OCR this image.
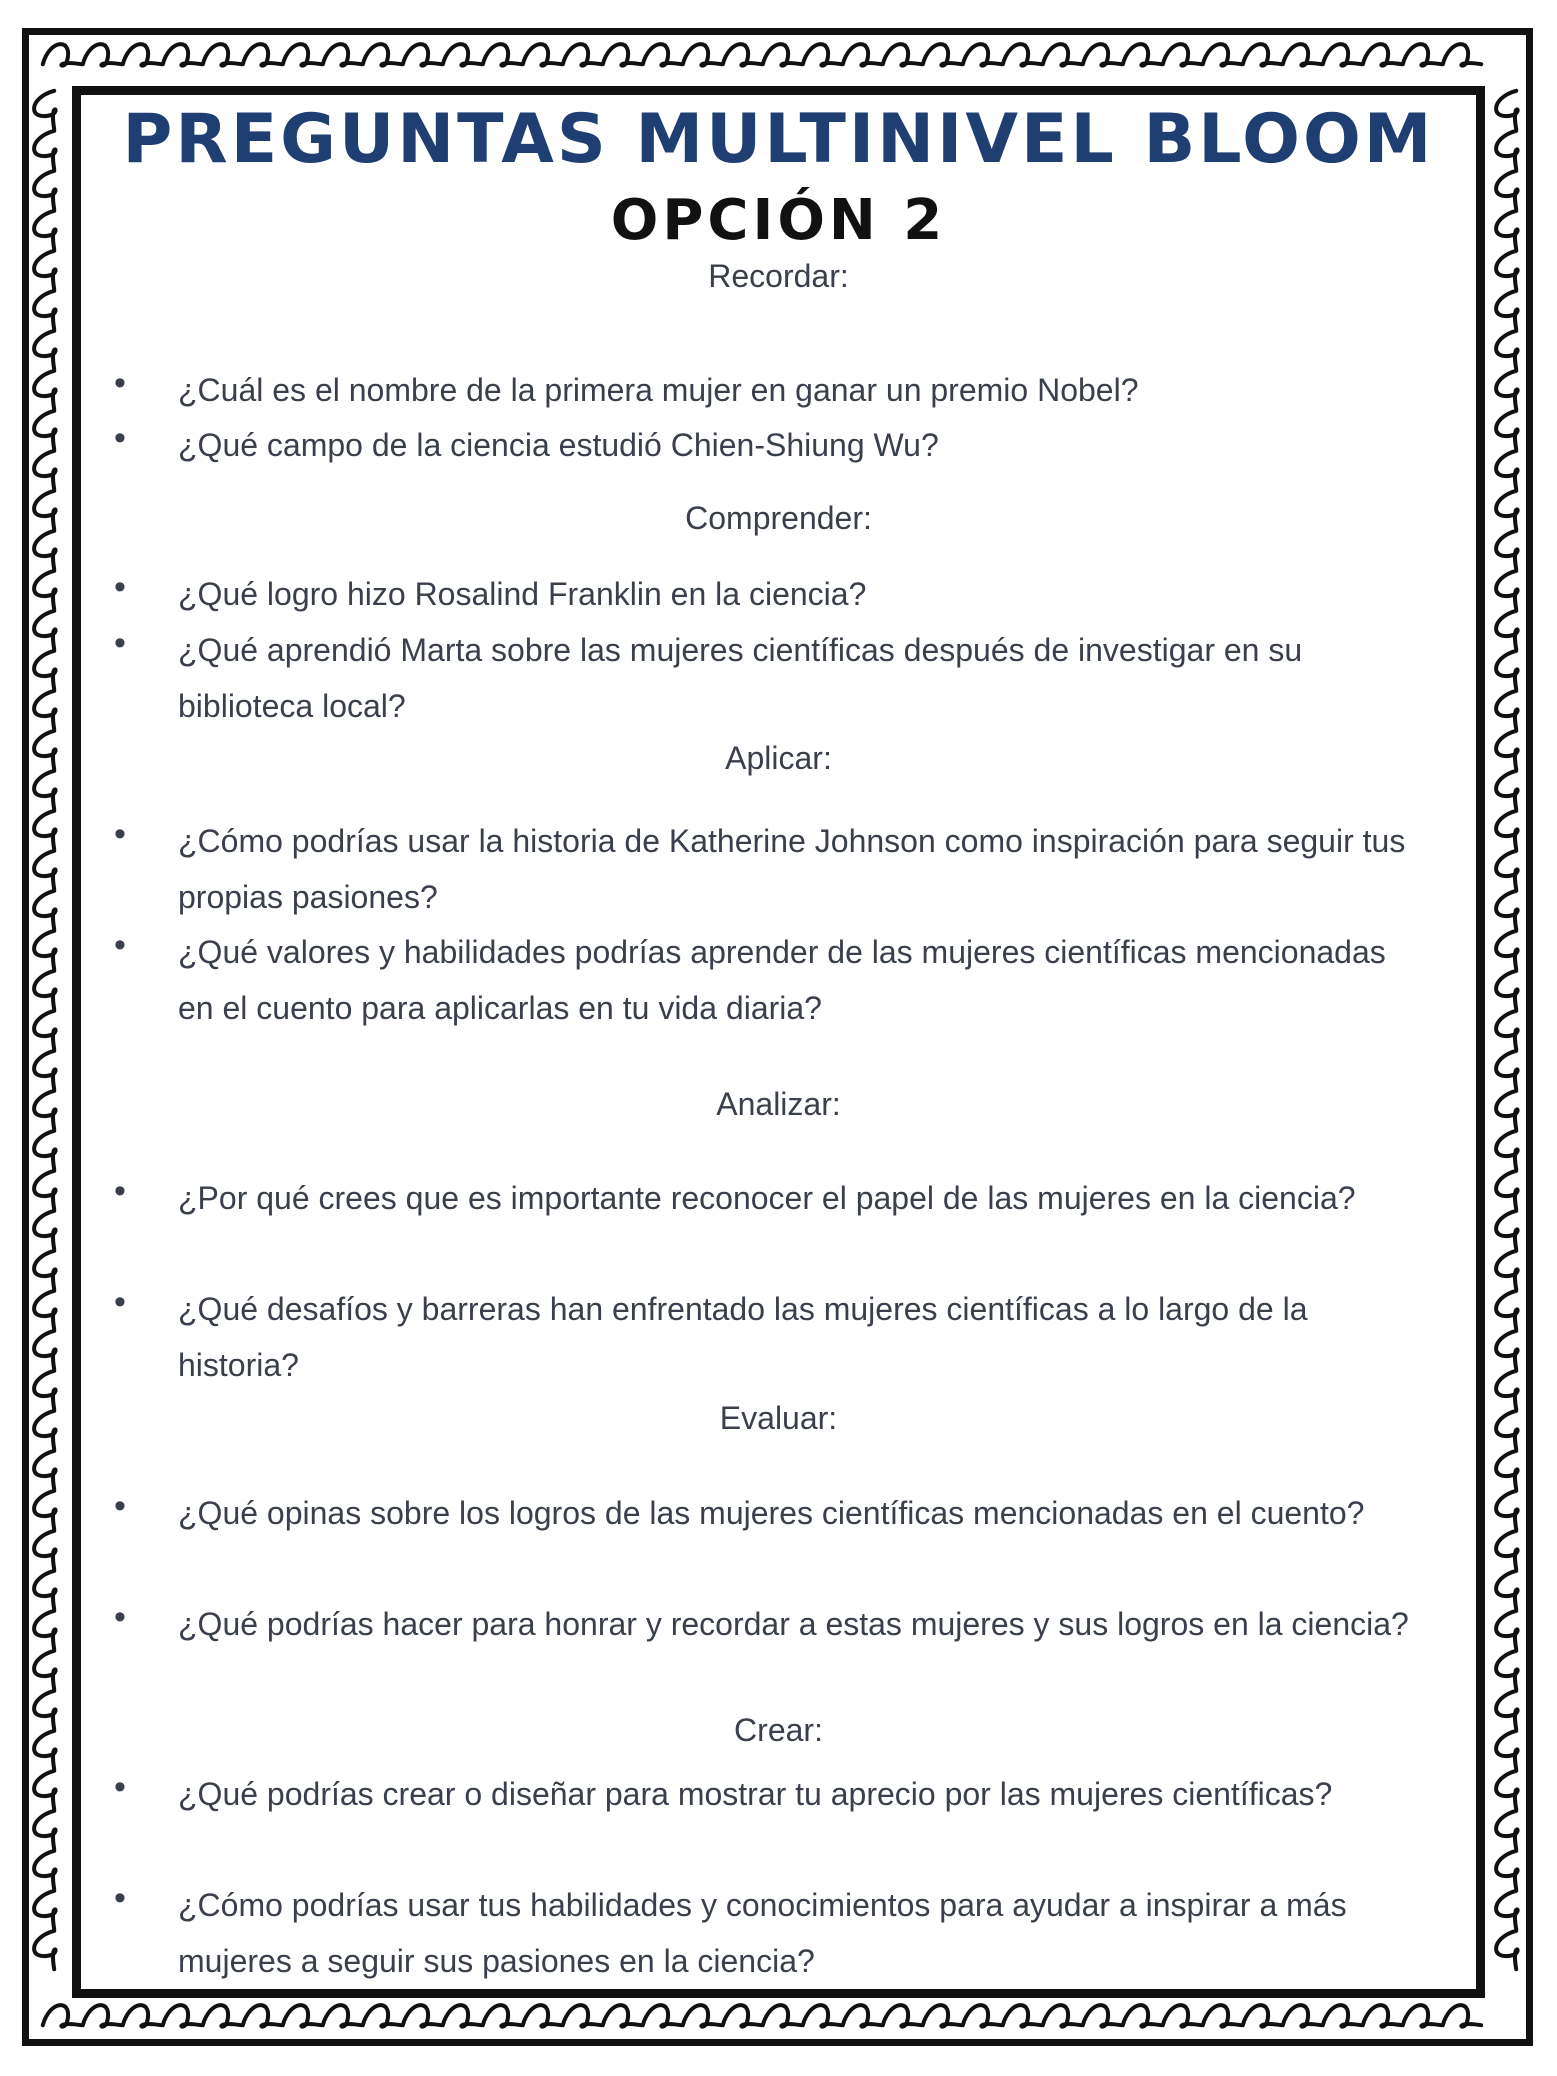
PREGUNTAS MULTINIVEL BLOOM
OPCIÓN 2
Recordar:
• ¿Cuál es el nombre de la primera mujer en ganar un premio Nobel?
• ¿Qué campo de la ciencia estudió Chien-Shiung Wu?
Comprender:
• ¿Qué logro hizo Rosalind Franklin en la ciencia?
• ¿Qué aprendió Marta sobre las mujeres científicas después de investigar en su biblioteca local?
Aplicar:
• ¿Cómo podrías usar la historia de Katherine Johnson como inspiración para seguir tus propias pasiones?
• ¿Qué valores y habilidades podrías aprender de las mujeres científicas mencionadas en el cuento para aplicarlas en tu vida diaria?
Analizar:
• ¿Por qué crees que es importante reconocer el papel de las mujeres en la ciencia?
• ¿Qué desafíos y barreras han enfrentado las mujeres científicas a lo largo de la historia?
Evaluar:
• ¿Qué opinas sobre los logros de las mujeres científicas mencionadas en el cuento?
• ¿Qué podrías hacer para honrar y recordar a estas mujeres y sus logros en la ciencia?
Crear:
• ¿Qué podrías crear o diseñar para mostrar tu aprecio por las mujeres científicas?
• ¿Cómo podrías usar tus habilidades y conocimientos para ayudar a inspirar a más mujeres a seguir sus pasiones en la ciencia?
